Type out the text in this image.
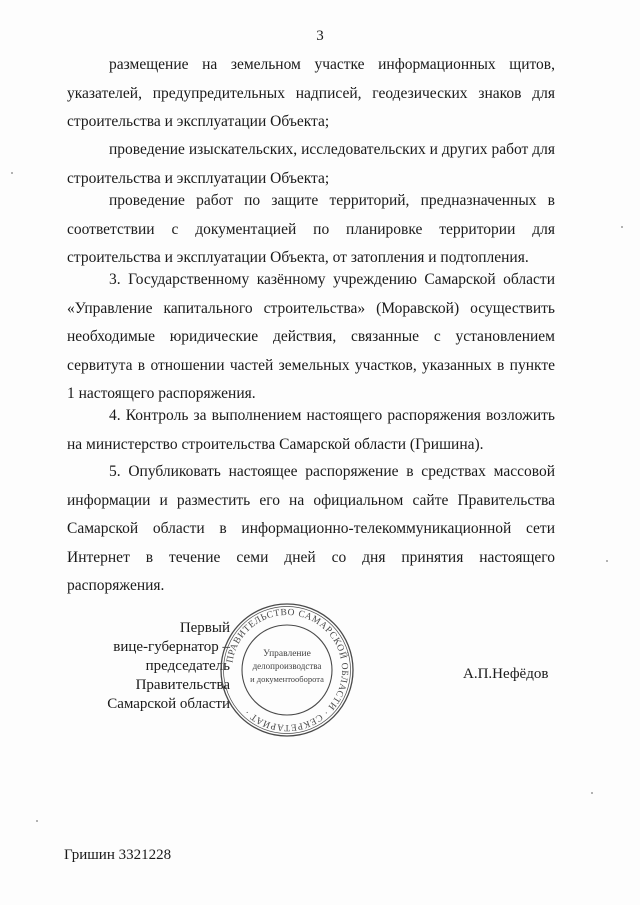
3

размещение на земельном участке информационных щитов, указателей, предупредительных надписей, геодезических знаков для строительства и эксплуатации Объекта;

проведение изыскательских, исследовательских и других работ для строительства и эксплуатации Объекта;

проведение работ по защите территорий, предназначенных в соответствии с документацией по планировке территории для строительства и эксплуатации Объекта, от затопления и подтопления.

3. Государственному казённому учреждению Самарской области «Управление капитального строительства» (Моравской) осуществить необходимые юридические действия, связанные с установлением сервитута в отношении частей земельных участков, указанных в пункте 1 настоящего распоряжения.

4. Контроль за выполнением настоящего распоряжения возложить на министерство строительства Самарской области (Гришина).

5. Опубликовать настоящее распоряжение в средствах массовой информации и разместить его на официальном сайте Правительства Самарской области в информационно-телекоммуникационной сети Интернет в течение семи дней со дня принятия настоящего распоряжения.

Первый
вице-губернатор –
председатель Правительства
Самарской области
ПРАВИТЕЛЬСТВО САМАРСКОЙ ОБЛАСТИ · СЕКРЕТАРИАТ ·
Управление
делопроизводства
и документооборота	А.П.Нефёдов
Гришин 3321228
